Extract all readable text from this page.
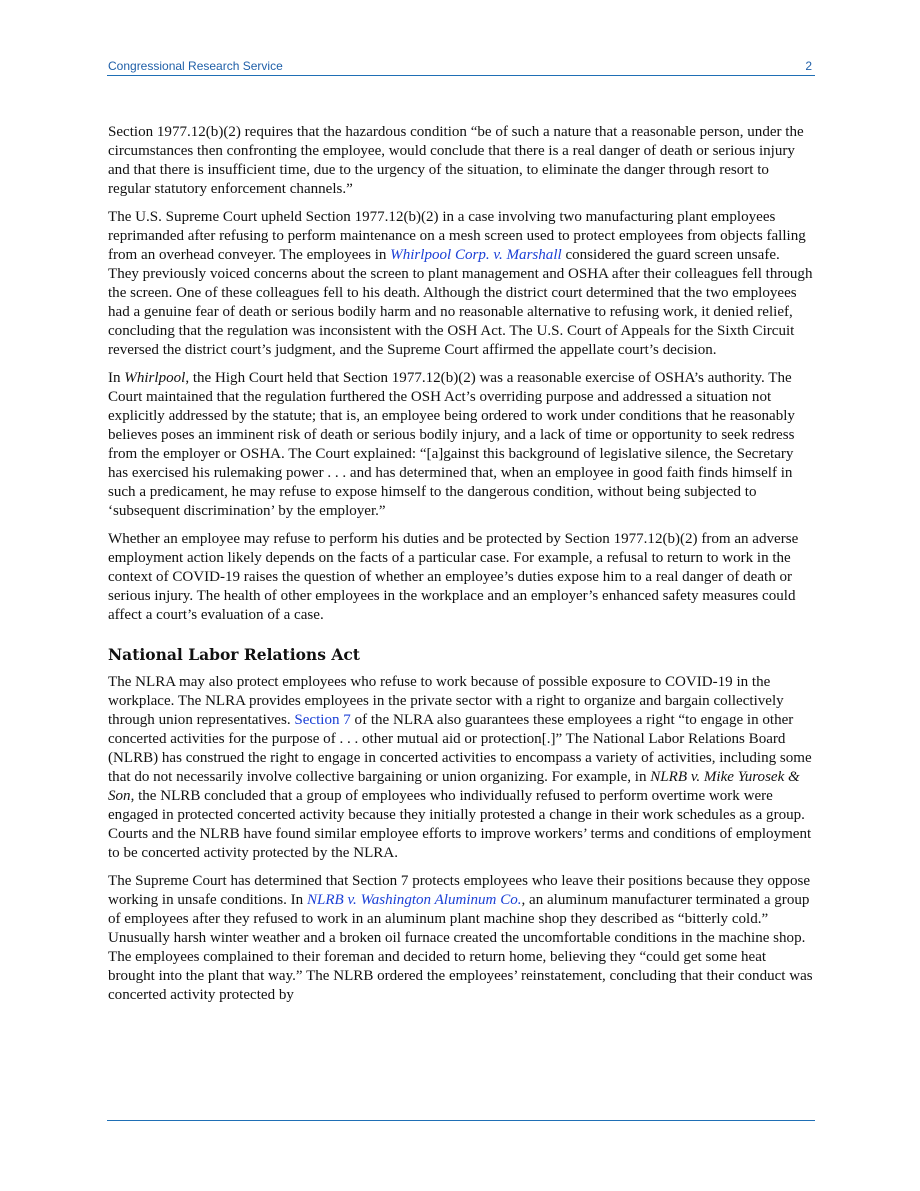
Congressional Research Service	2

Section 1977.12(b)(2) requires that the hazardous condition “be of such a nature that a reasonable person, under the circumstances then confronting the employee, would conclude that there is a real danger of death or serious injury and that there is insufficient time, due to the urgency of the situation, to eliminate the danger through resort to regular statutory enforcement channels.”

The U.S. Supreme Court upheld Section 1977.12(b)(2) in a case involving two manufacturing plant employees reprimanded after refusing to perform maintenance on a mesh screen used to protect employees from objects falling from an overhead conveyer. The employees in Whirlpool Corp. v. Marshall considered the guard screen unsafe. They previously voiced concerns about the screen to plant management and OSHA after their colleagues fell through the screen. One of these colleagues fell to his death. Although the district court determined that the two employees had a genuine fear of death or serious bodily harm and no reasonable alternative to refusing work, it denied relief, concluding that the regulation was inconsistent with the OSH Act. The U.S. Court of Appeals for the Sixth Circuit reversed the district court’s judgment, and the Supreme Court affirmed the appellate court’s decision.

In Whirlpool, the High Court held that Section 1977.12(b)(2) was a reasonable exercise of OSHA’s authority. The Court maintained that the regulation furthered the OSH Act’s overriding purpose and addressed a situation not explicitly addressed by the statute; that is, an employee being ordered to work under conditions that he reasonably believes poses an imminent risk of death or serious bodily injury, and a lack of time or opportunity to seek redress from the employer or OSHA. The Court explained: “[a]gainst this background of legislative silence, the Secretary has exercised his rulemaking power . . . and has determined that, when an employee in good faith finds himself in such a predicament, he may refuse to expose himself to the dangerous condition, without being subjected to ‘subsequent discrimination’ by the employer.”

Whether an employee may refuse to perform his duties and be protected by Section 1977.12(b)(2) from an adverse employment action likely depends on the facts of a particular case. For example, a refusal to return to work in the context of COVID-19 raises the question of whether an employee’s duties expose him to a real danger of death or serious injury. The health of other employees in the workplace and an employer’s enhanced safety measures could affect a court’s evaluation of a case.

National Labor Relations Act

The NLRA may also protect employees who refuse to work because of possible exposure to COVID-19 in the workplace. The NLRA provides employees in the private sector with a right to organize and bargain collectively through union representatives. Section 7 of the NLRA also guarantees these employees a right “to engage in other concerted activities for the purpose of . . . other mutual aid or protection[.]” The National Labor Relations Board (NLRB) has construed the right to engage in concerted activities to encompass a variety of activities, including some that do not necessarily involve collective bargaining or union organizing. For example, in NLRB v. Mike Yurosek & Son, the NLRB concluded that a group of employees who individually refused to perform overtime work were engaged in protected concerted activity because they initially protested a change in their work schedules as a group. Courts and the NLRB have found similar employee efforts to improve workers’ terms and conditions of employment to be concerted activity protected by the NLRA.

The Supreme Court has determined that Section 7 protects employees who leave their positions because they oppose working in unsafe conditions. In NLRB v. Washington Aluminum Co., an aluminum manufacturer terminated a group of employees after they refused to work in an aluminum plant machine shop they described as “bitterly cold.” Unusually harsh winter weather and a broken oil furnace created the uncomfortable conditions in the machine shop. The employees complained to their foreman and decided to return home, believing they “could get some heat brought into the plant that way.” The NLRB ordered the employees’ reinstatement, concluding that their conduct was concerted activity protected by
